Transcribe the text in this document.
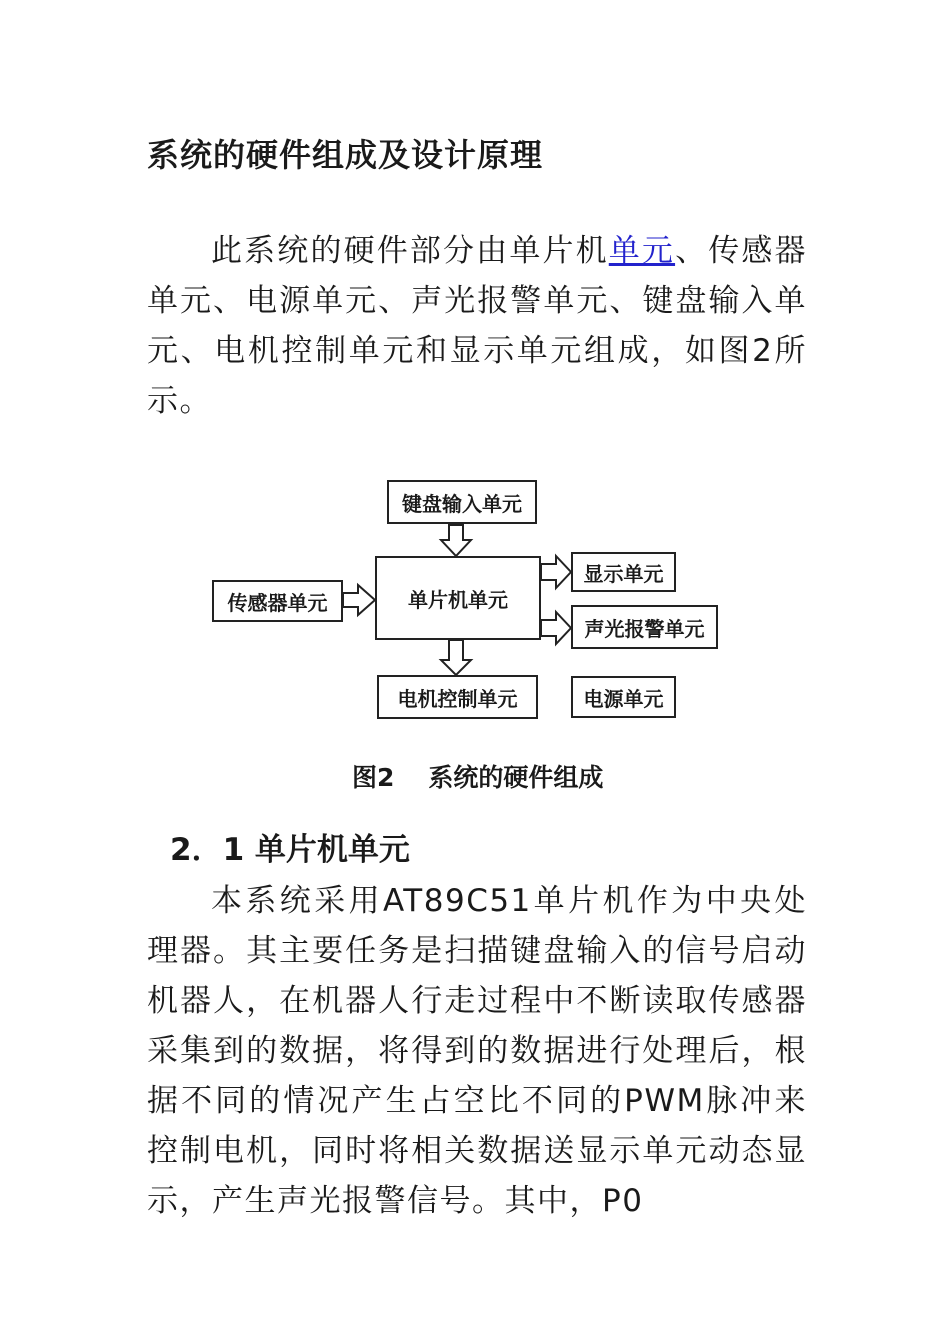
系统的硬件组成及设计原理

此系统的硬件部分由单片机单元、传感器单元、电源单元、声光报警单元、键盘输入单元、电机控制单元和显示单元组成，如图2所示。

键盘输入单元
传感器单元	单片机单元
显示单元
声光报警单元
电机控制单元	电源单元
图2 系统的硬件组成
2．1 单片机单元

本系统采用AT89C51单片机作为中央处理器。其主要任务是扫描键盘输入的信号启动机器人，在机器人行走过程中不断读取传感器采集到的数据，将得到的数据进行处理后，根据不同的情况产生占空比不同的PWM脉冲来控制电机，同时将相关数据送显示单元动态显示，产生声光报警信号。其中，P0
